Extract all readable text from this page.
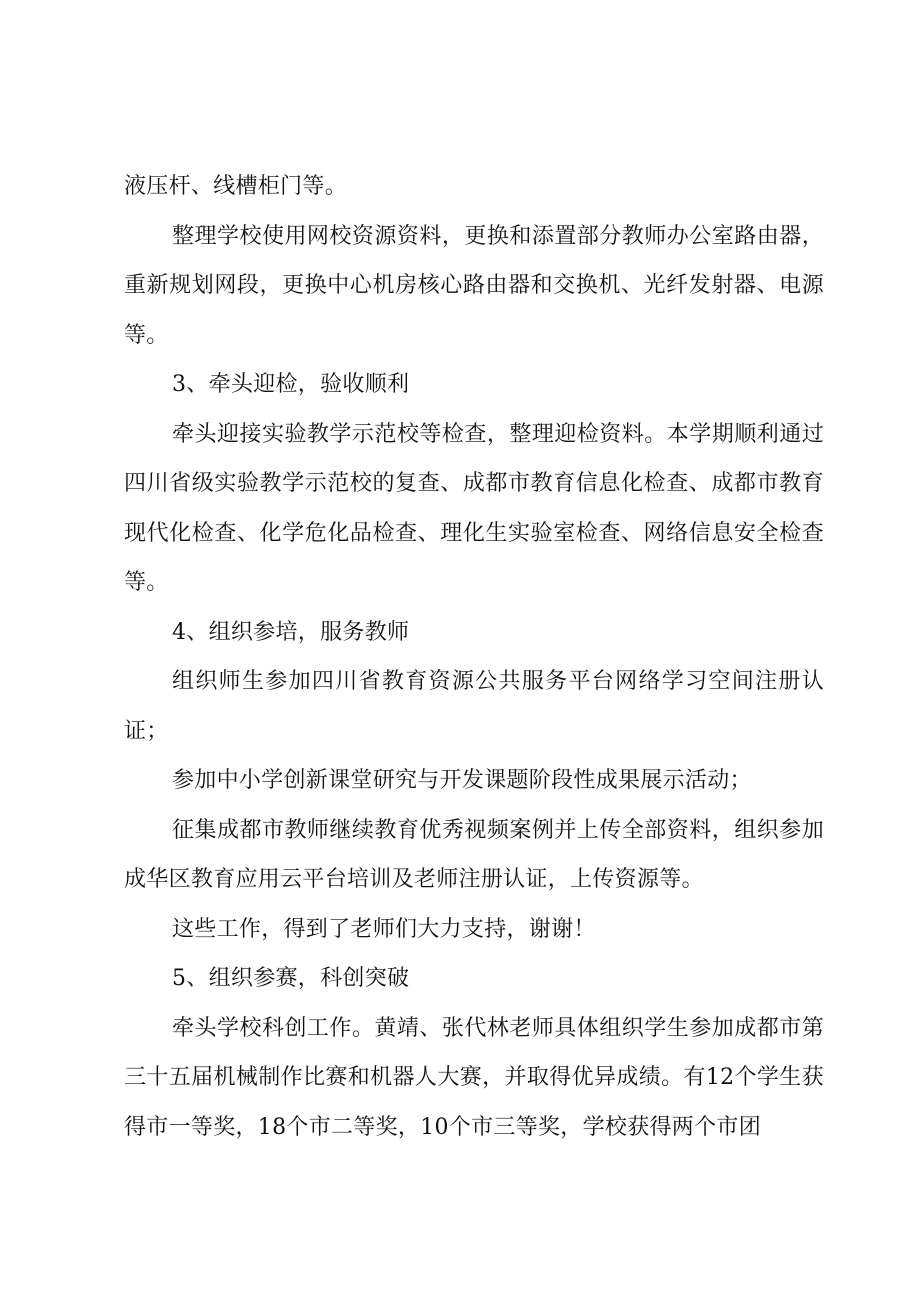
液压杆、线槽柜门等。

整理学校使用网校资源资料，更换和添置部分教师办公室路由器，重新规划网段，更换中心机房核心路由器和交换机、光纤发射器、电源等。

3、牵头迎检，验收顺利

牵头迎接实验教学示范校等检查，整理迎检资料。本学期顺利通过四川省级实验教学示范校的复查、成都市教育信息化检查、成都市教育现代化检查、化学危化品检查、理化生实验室检查、网络信息安全检查等。

4、组织参培，服务教师

组织师生参加四川省教育资源公共服务平台网络学习空间注册认证；

参加中小学创新课堂研究与开发课题阶段性成果展示活动；

征集成都市教师继续教育优秀视频案例并上传全部资料，组织参加成华区教育应用云平台培训及老师注册认证，上传资源等。

这些工作，得到了老师们大力支持，谢谢！

5、组织参赛，科创突破

牵头学校科创工作。黄靖、张代林老师具体组织学生参加成都市第三十五届机械制作比赛和机器人大赛，并取得优异成绩。有12个学生获得市一等奖，18个市二等奖，10个市三等奖，学校获得两个市团
